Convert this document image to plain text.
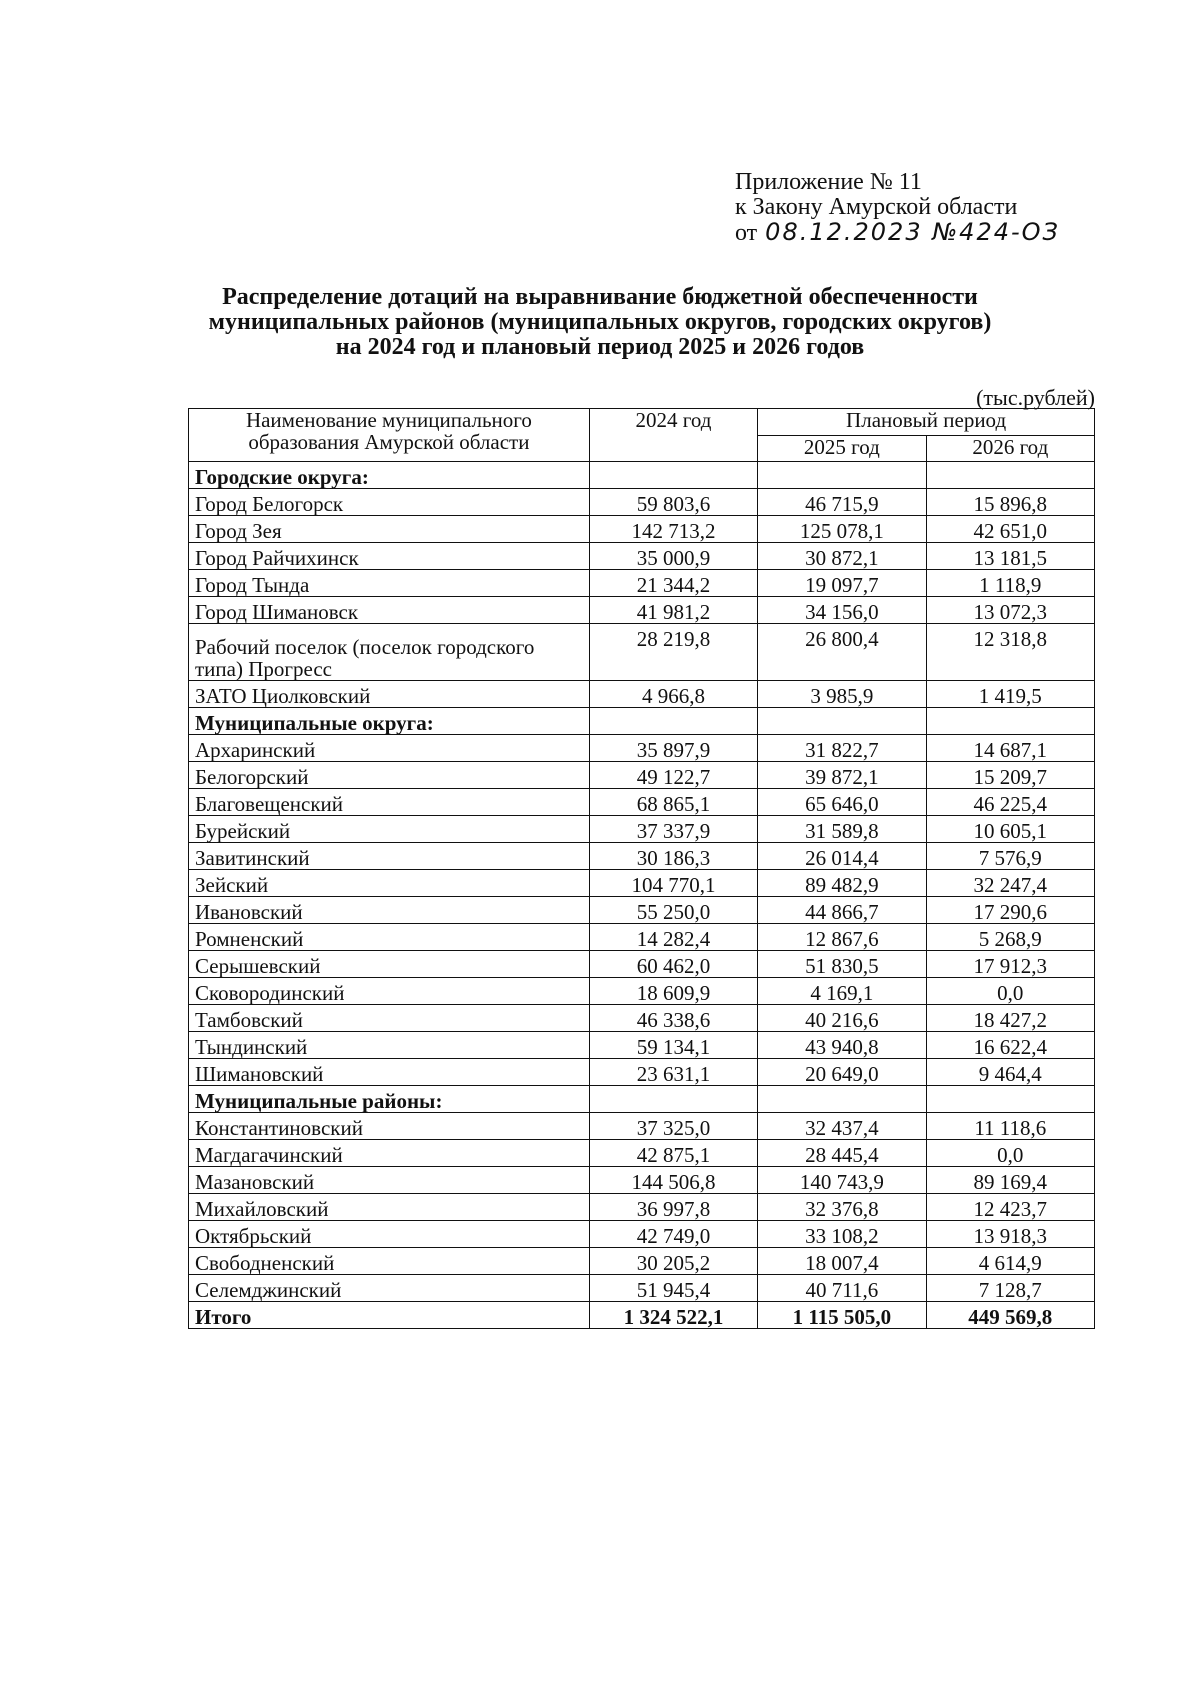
Приложение № 11
к Закону Амурской области
от 08.12.2023 №424-ОЗ
Распределение дотаций на выравнивание бюджетной обеспеченности
муниципальных районов (муниципальных округов, городских округов)
на 2024 год и плановый период 2025 и 2026 годов
(тыс.рублей)
Наименование муниципального образования Амурской области	2024 год	Плановый период	
		2025 год	2026 год
Городские округа:			
Город Белогорск	59 803,6	46 715,9	15 896,8
Город Зея	142 713,2	125 078,1	42 651,0
Город Райчихинск	35 000,9	30 872,1	13 181,5
Город Тында	21 344,2	19 097,7	1 118,9
Город Шимановск	41 981,2	34 156,0	13 072,3
Рабочий поселок (поселок городского типа) Прогресс	28 219,8	26 800,4	12 318,8
ЗАТО Циолковский	4 966,8	3 985,9	1 419,5
Муниципальные округа:			
Архаринский	35 897,9	31 822,7	14 687,1
Белогорский	49 122,7	39 872,1	15 209,7
Благовещенский	68 865,1	65 646,0	46 225,4
Бурейский	37 337,9	31 589,8	10 605,1
Завитинский	30 186,3	26 014,4	7 576,9
Зейский	104 770,1	89 482,9	32 247,4
Ивановский	55 250,0	44 866,7	17 290,6
Ромненский	14 282,4	12 867,6	5 268,9
Серышевский	60 462,0	51 830,5	17 912,3
Сковородинский	18 609,9	4 169,1	0,0
Тамбовский	46 338,6	40 216,6	18 427,2
Тындинский	59 134,1	43 940,8	16 622,4
Шимановский	23 631,1	20 649,0	9 464,4
Муниципальные районы:			
Константиновский	37 325,0	32 437,4	11 118,6
Магдагачинский	42 875,1	28 445,4	0,0
Мазановский	144 506,8	140 743,9	89 169,4
Михайловский	36 997,8	32 376,8	12 423,7
Октябрьский	42 749,0	33 108,2	13 918,3
Свободненский	30 205,2	18 007,4	4 614,9
Селемджинский	51 945,4	40 711,6	7 128,7
Итого	1 324 522,1	1 115 505,0	449 569,8
